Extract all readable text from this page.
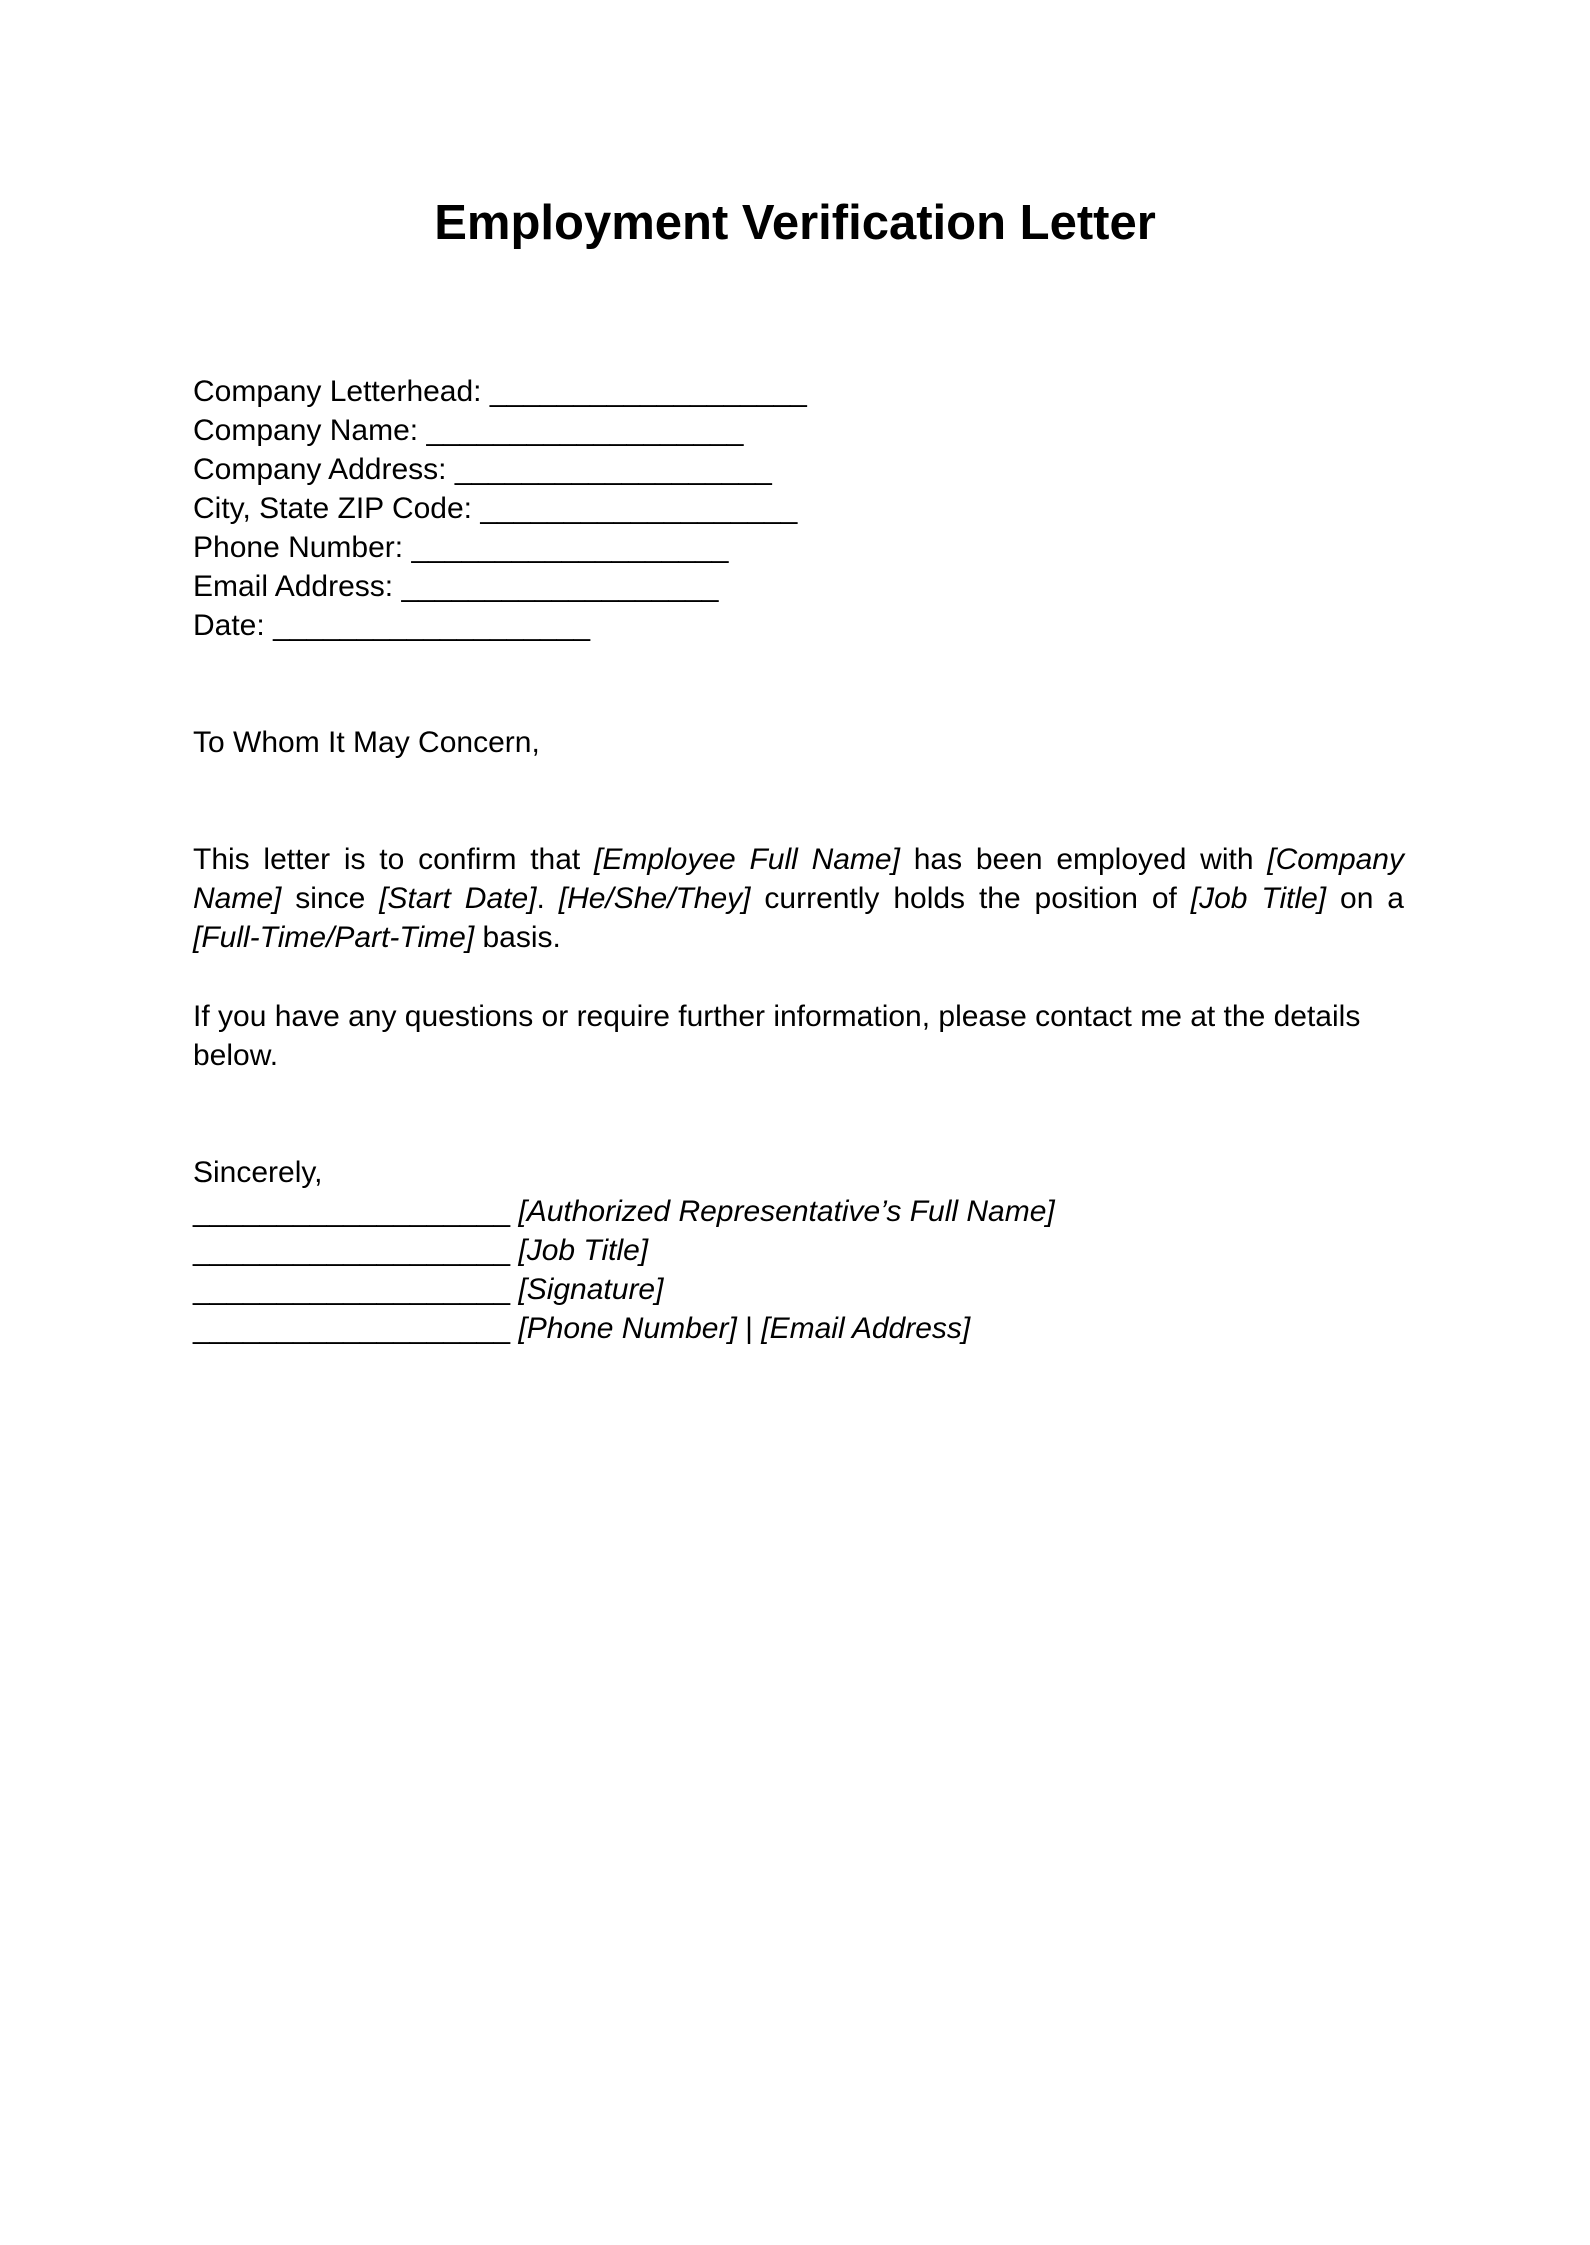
Employment Verification Letter
Company Letterhead: ___________________
Company Name: ___________________
Company Address: ___________________
City, State ZIP Code: ___________________
Phone Number: ___________________
Email Address: ___________________
Date: ___________________

To Whom It May Concern,

This letter is to confirm that [Employee Full Name] has been employed with [Company Name] since [Start Date]. [He/She/They] currently holds the position of [Job Title] on a [Full-Time/Part-Time] basis.

If you have any questions or require further information, please contact me at the details below.

Sincerely,
___________________ [Authorized Representative’s Full Name]
___________________ [Job Title]
___________________ [Signature]
___________________ [Phone Number] | [Email Address]
